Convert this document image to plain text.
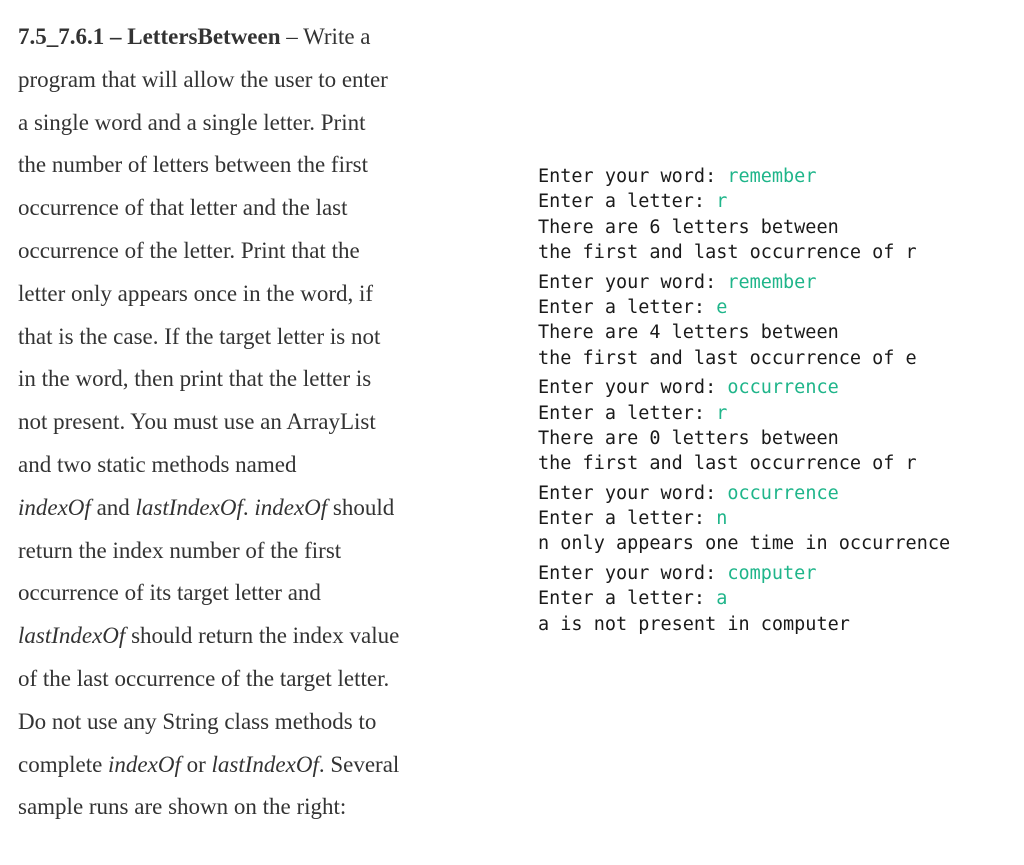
7.5_7.6.1 – LettersBetween – Write a
program that will allow the user to enter
a single word and a single letter. Print
the number of letters between the first
occurrence of that letter and the last
occurrence of the letter. Print that the
letter only appears once in the word, if
that is the case. If the target letter is not
in the word, then print that the letter is
not present. You must use an ArrayList
and two static methods named
indexOf and lastIndexOf. indexOf should
return the index number of the first
occurrence of its target letter and
lastIndexOf should return the index value
of the last occurrence of the target letter.
Do not use any String class methods to
complete indexOf or lastIndexOf. Several
sample runs are shown on the right:
Enter your word: remember
Enter a letter: r
There are 6 letters between
the first and last occurrence of r
Enter your word: remember
Enter a letter: e
There are 4 letters between
the first and last occurrence of e
Enter your word: occurrence
Enter a letter: r
There are 0 letters between
the first and last occurrence of r
Enter your word: occurrence
Enter a letter: n
n only appears one time in occurrence
Enter your word: computer
Enter a letter: a
a is not present in computer
